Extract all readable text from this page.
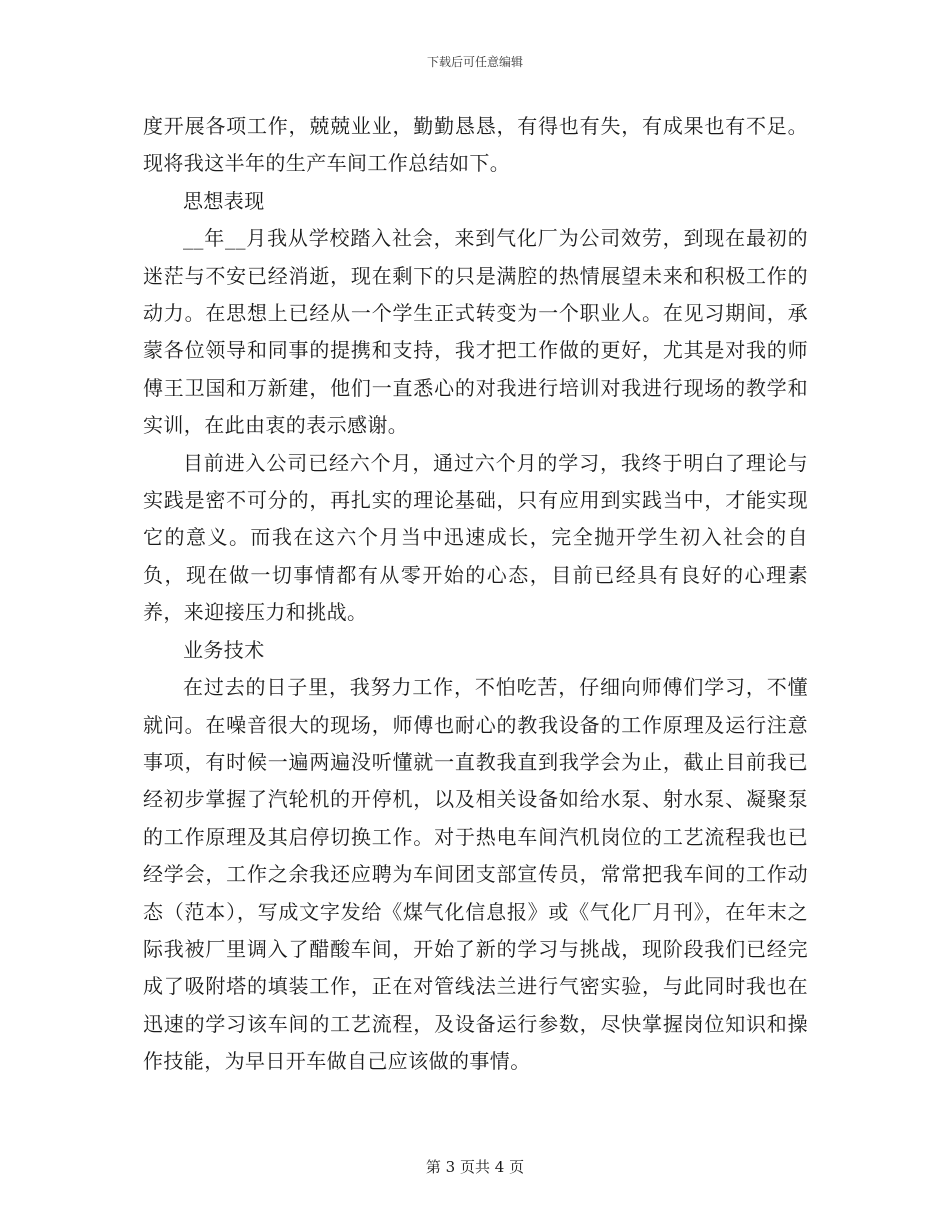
下载后可任意编辑

度开展各项工作，兢兢业业，勤勤恳恳，有得也有失，有成果也有不足。现将我这半年的生产车间工作总结如下。

思想表现

__年__月我从学校踏入社会，来到气化厂为公司效劳，到现在最初的迷茫与不安已经消逝，现在剩下的只是满腔的热情展望未来和积极工作的动力。在思想上已经从一个学生正式转变为一个职业人。在见习期间，承蒙各位领导和同事的提携和支持，我才把工作做的更好，尤其是对我的师傅王卫国和万新建，他们一直悉心的对我进行培训对我进行现场的教学和实训，在此由衷的表示感谢。

目前进入公司已经六个月，通过六个月的学习，我终于明白了理论与实践是密不可分的，再扎实的理论基础，只有应用到实践当中，才能实现它的意义。而我在这六个月当中迅速成长，完全抛开学生初入社会的自负，现在做一切事情都有从零开始的心态，目前已经具有良好的心理素养，来迎接压力和挑战。

业务技术

在过去的日子里，我努力工作，不怕吃苦，仔细向师傅们学习，不懂就问。在噪音很大的现场，师傅也耐心的教我设备的工作原理及运行注意事项，有时候一遍两遍没听懂就一直教我直到我学会为止，截止目前我已经初步掌握了汽轮机的开停机，以及相关设备如给水泵、射水泵、凝聚泵的工作原理及其启停切换工作。对于热电车间汽机岗位的工艺流程我也已经学会，工作之余我还应聘为车间团支部宣传员，常常把我车间的工作动态（范本），写成文字发给《煤气化信息报》或《气化厂月刊》，在年末之际我被厂里调入了醋酸车间，开始了新的学习与挑战，现阶段我们已经完成了吸附塔的填装工作，正在对管线法兰进行气密实验，与此同时我也在迅速的学习该车间的工艺流程，及设备运行参数，尽快掌握岗位知识和操作技能，为早日开车做自己应该做的事情。

第 3 页共 4 页
